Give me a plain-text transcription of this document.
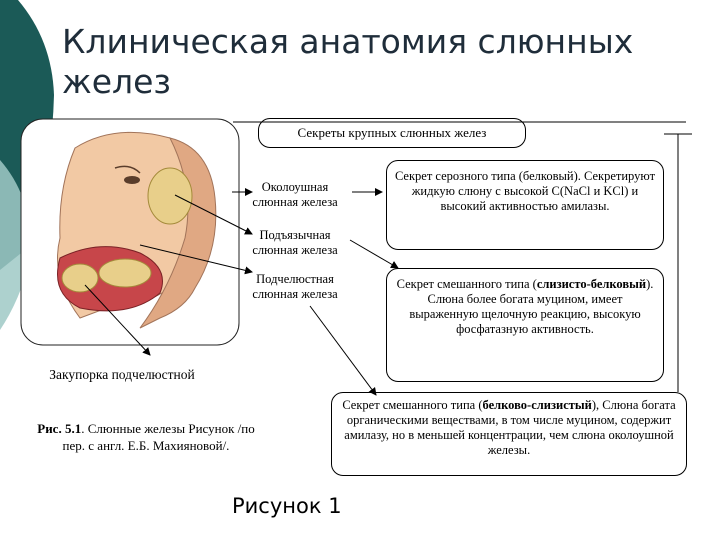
Клиническая анатомия слюнных желез
Околоушная слюнная железа
Подъязычная слюнная железа
Подчелюстная слюнная железа
Закупорка подчелюстной
Секреты крупных слюнных желез
Секрет серозного типа (белковый). Секретируют жидкую слюну с высокой С(NaCl и KCl) и высокий активностью амилазы.
Секрет смешанного типа (слизисто-белковый). Слюна более богата муцином, имеет выраженную щелочную реакцию, высокую фосфатазную активность.
Секрет смешанного типа (белково-слизистый), Слюна богата органическими веществами, в том числе муцином, содержит амилазу, но в меньшей концентрации, чем слюна околоушной железы.
Рис. 5.1. Слюнные железы Рисунок /по пер. с англ. Е.Б. Махияновой/.
Рисунок 1
